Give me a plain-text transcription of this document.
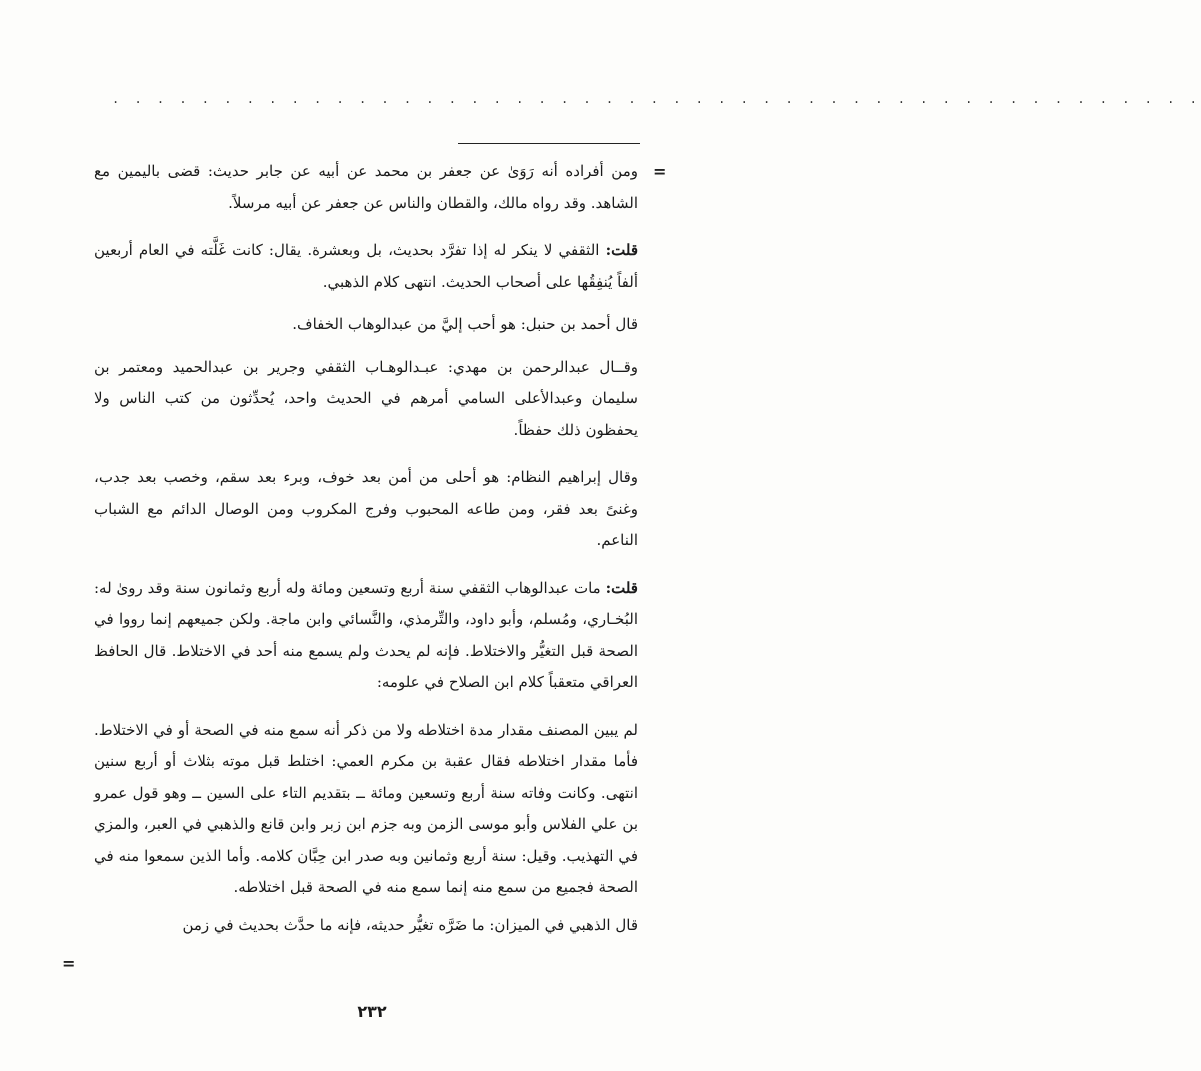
. . . . . . . . . . . . . . . . . . . . . . . . . . . . . . . . . . . . . . . . . . . . . . . . .
=

ومن أفراده أنه رَوَىٰ عن جعفر بن محمد عن أبيه عن جابر حديث: قضى باليمين مع الشاهد. وقد رواه مالك، والقطان والناس عن جعفر عن أبيه مرسلاً.

قلت: الثقفي لا ينكر له إذا تفرَّد بحديث، بل وبعشرة. يقال: كانت غَلَّته في العام أربعين ألفاً يُنفِقُها على أصحاب الحديث. انتهى كلام الذهبي.

قال أحمد بن حنبل: هو أحب إليَّ من عبدالوهاب الخفاف.

وقــال عبدالرحمن بن مهدي: عبـدالوهـاب الثقفي وجرير بن عبدالحميد ومعتمر بن سليمان وعبدالأعلى السامي أمرهم في الحديث واحد، يُحدِّثون من كتب الناس ولا يحفظون ذلك حفظاً.

وقال إبراهيم النظام: هو أحلى من أمن بعد خوف، وبرء بعد سقم، وخصب بعد جدب، وغنىً بعد فقر، ومن طاعه المحبوب وفرج المكروب ومن الوصال الدائم مع الشباب الناعم.

قلت: مات عبدالوهاب الثقفي سنة أربع وتسعين ومائة وله أربع وثمانون سنة وقد روىٰ له: البُخـاري، ومُسلم، وأبو داود، والتِّرمذي، والنَّسائي وابن ماجة. ولكن جميعهم إنما رووا في الصحة قبل التغيُّر والاختلاط. فإنه لم يحدث ولم يسمع منه أحد في الاختلاط. قال الحافظ العراقي متعقباً كلام ابن الصلاح في علومه:

لم يبين المصنف مقدار مدة اختلاطه ولا من ذكر أنه سمع منه في الصحة أو في الاختلاط. فأما مقدار اختلاطه فقال عقبة بن مكرم العمي: اختلط قبل موته بثلاث أو أربع سنين انتهى. وكانت وفاته سنة أربع وتسعين ومائة ــ بتقديم التاء على السين ــ وهو قول عمرو بن علي الفلاس وأبو موسى الزمن وبه جزم ابن زبر وابن قانع والذهبي في العبر، والمزي في التهذيب. وقيل: سنة أربع وثمانين وبه صدر ابن حِبَّان كلامه. وأما الذين سمعوا منه في الصحة فجميع من سمع منه إنما سمع منه في الصحة قبل اختلاطه.

قال الذهبي في الميزان: ما ضَرَّه تغيُّر حديثه، فإنه ما حدَّث بحديث في زمن

=
٢٣٢
